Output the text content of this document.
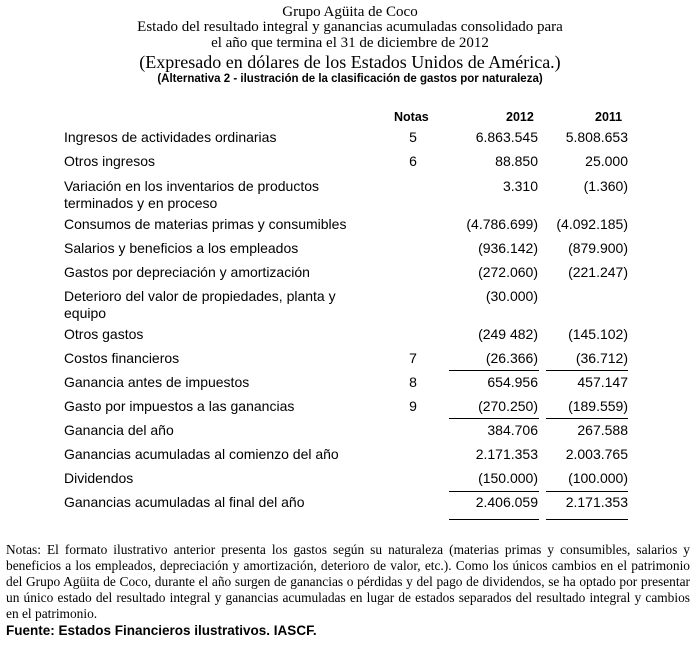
Grupo Agüita de Coco
Estado del resultado integral y ganancias acumuladas consolidado para
el año que termina el 31 de diciembre de 2012
(Expresado en dólares de los Estados Unidos de América.)
(Alternativa 2 - ilustración de la clasificación de gastos por naturaleza)
Notas	2012	2011
Ingresos de actividades ordinarias	5	6.863.545 5.808.653
Otros ingresos	6	88.850	25.000
Variación en los inventarios de productos terminados y en proceso
3.310	(1.360)
Consumos de materias primas y consumibles	(4.786.699) (4.092.185)
Salarios y beneficios a los empleados	(936.142) (879.900)
Gastos por depreciación y amortización	(272.060) (221.247)
Deterioro del valor de propiedades, planta y equipo
(30.000)
Otros gastos	(249 482) (145.102)
Costos financieros	7	(26.366)	(36.712)
Ganancia antes de impuestos	8	654.956	457.147
Gasto por impuestos a las ganancias	9	(270.250) (189.559)
Ganancia del año	384.706	267.588
Ganancias acumuladas al comienzo del año	2.171.353 2.003.765
Dividendos	(150.000) (100.000)
Ganancias acumuladas al final del año	2.406.059 2.171.353
Notas: El formato ilustrativo anterior presenta los gastos según su naturaleza (materias primas y consumibles, salarios y beneficios a los empleados, depreciación y amortización, deterioro de valor, etc.). Como los únicos cambios en el patrimonio del Grupo Agüita de Coco, durante el año surgen de ganancias o pérdidas y del pago de dividendos, se ha optado por presentar un único estado del resultado integral y ganancias acumuladas en lugar de estados separados del resultado integral y cambios en el patrimonio.
Fuente: Estados Financieros ilustrativos. IASCF.
